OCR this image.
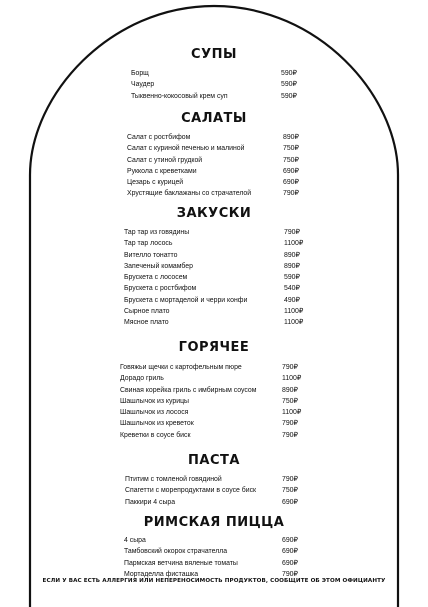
СУПЫ
Борщ	590₽
Чаудер	590₽
Тыквенно-кокосовый крем суп	590₽
САЛАТЫ
Салат с ростбифом	890₽
Салат с куриной печенью и малиной	750₽
Салат с утиной грудкой	750₽
Руккола с креветками	690₽
Цезарь с курицей	690₽
Хрустящие баклажаны со страчателой	790₽
ЗАКУСКИ
Тар тар из говядины	790₽
Тар тар лосось	1100₽
Вителло тонатто	890₽
Запеченый комамбер	890₽
Брускета с лососем	590₽
Брускета с ростбифом	540₽
Брускета с мортаделой и черри конфи	490₽
Сырное плато	1100₽
Мясное плато	1100₽
ГОРЯЧЕЕ
Говяжьи щечки с картофельным пюре	790₽
Дорадо гриль	1100₽
Свиная корейка гриль с имбирным соусом	890₽
Шашлычок из курицы	750₽
Шашлычок из лосося	1100₽
Шашлычок из креветок	790₽
Креветки в соусе биск	790₽
ПАСТА
Птитим с томленой говядиной	790₽
Спагетти с морепродуктами в соусе биск	750₽
Паккири 4 сыра	690₽
РИМСКАЯ ПИЦЦА
4 сыра	690₽
Тамбовский окорок страчателла	690₽
Пармская ветчина вяленые томаты	690₽
Мортаделла фисташка	790₽
ЕСЛИ У ВАС ЕСТЬ АЛЛЕРГИЯ ИЛИ НЕПЕРЕНОСИМОСТЬ ПРОДУКТОВ, СООБЩИТЕ ОБ ЭТОМ ОФИЦИАНТУ
